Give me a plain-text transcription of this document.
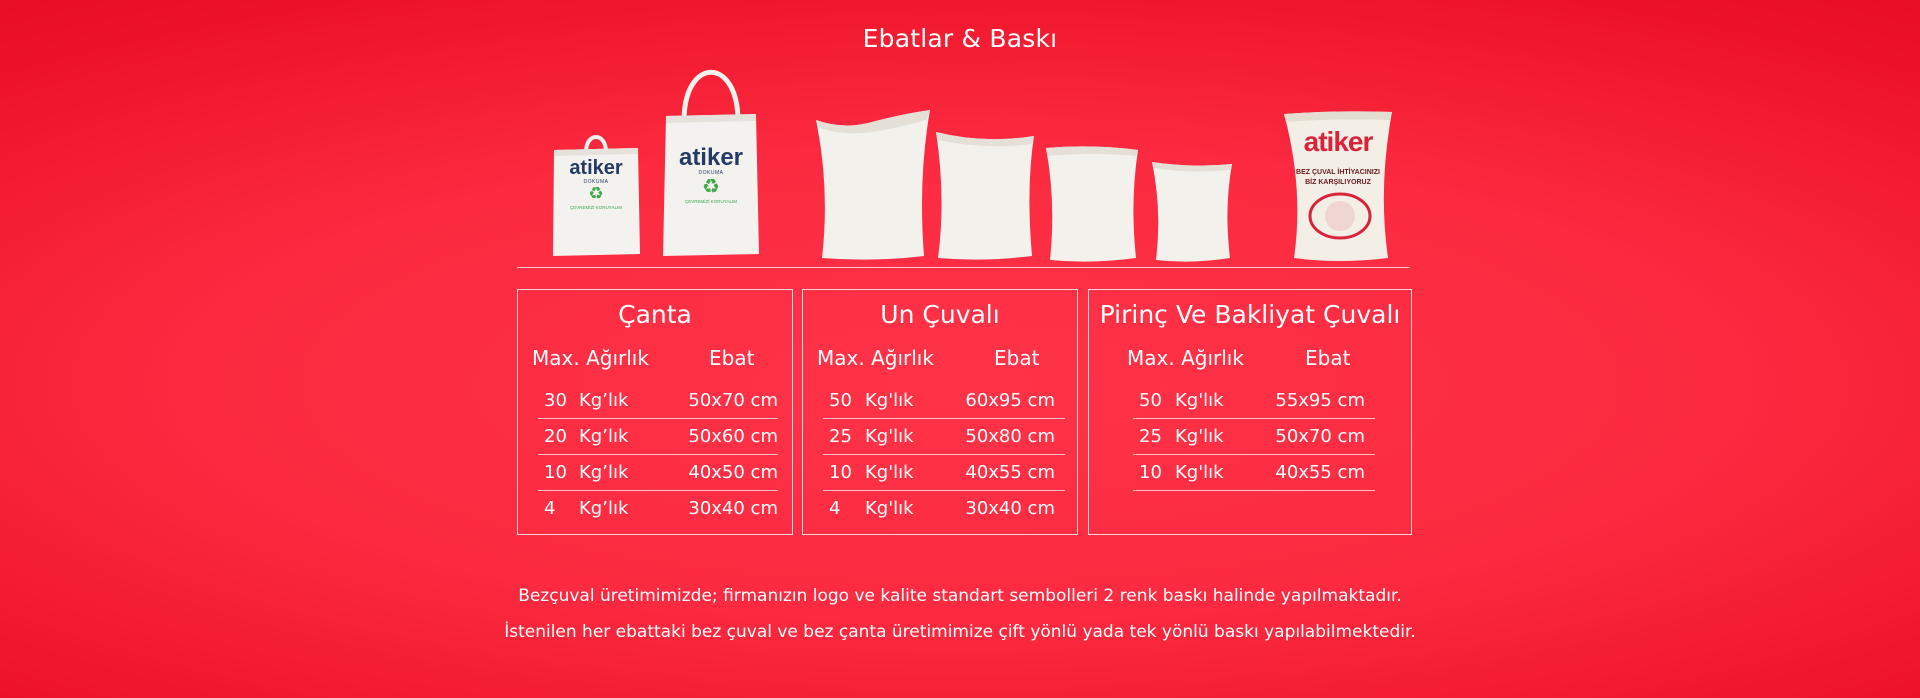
Ebatlar & Baskı
atiker
DOKUMA
♻
ÇEVREMİZİ KORUYALIM
atiker
DOKUMA
♻
ÇEVREMİZİ KORUYALIM
atiker
BEZ ÇUVAL İHTİYACINIZI
BİZ KARŞILIYORUZ
Çanta
Max. Ağırlık	Ebat
30 Kg’lık	50x70 cm
20 Kg’lık	50x60 cm
10 Kg’lık	40x50 cm
4 Kg’lık	30x40 cm
Un Çuvalı
Max. Ağırlık	Ebat
50 Kg'lık	60x95 cm
25 Kg'lık	50x80 cm
10 Kg'lık	40x55 cm
4 Kg'lık	30x40 cm
Pirinç Ve Bakliyat Çuvalı
Max. Ağırlık	Ebat
50 Kg'lık	55x95 cm
25 Kg'lık	50x70 cm
10 Kg'lık	40x55 cm
Bezçuval üretimimizde; firmanızın logo ve kalite standart sembolleri 2 renk baskı halinde yapılmaktadır.
İstenilen her ebattaki bez çuval ve bez çanta üretimimize çift yönlü yada tek yönlü baskı yapılabilmektedir.
